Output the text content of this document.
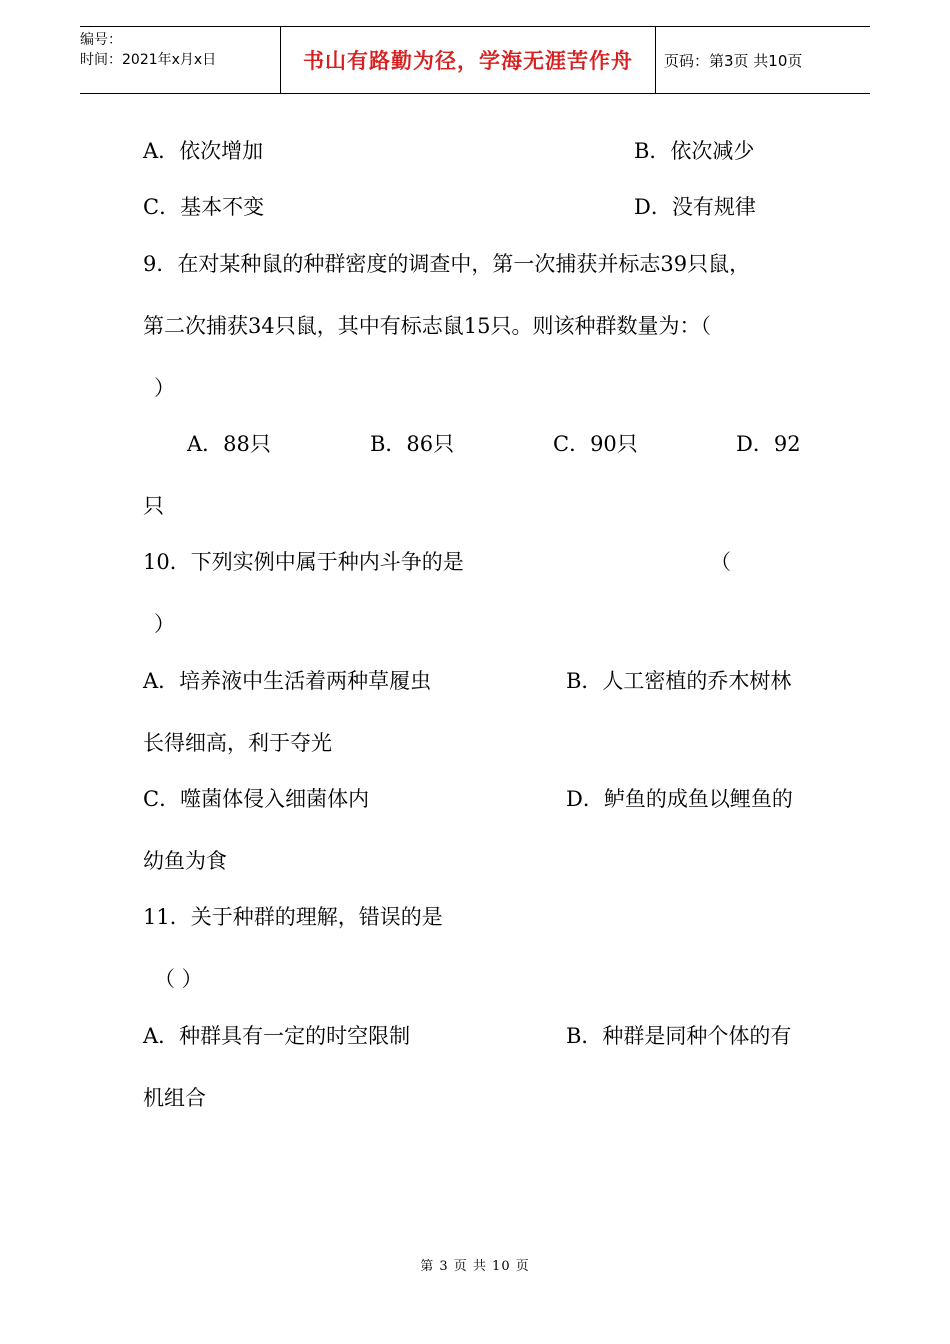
编号：
时间：2021年x月x日	书山有路勤为径，学海无涯苦作舟	页码：第3页 共10页
A．依次增加	B．依次减少
C．基本不变	D．没有规律
9．在对某种鼠的种群密度的调查中，第一次捕获并标志39只鼠，
第二次捕获34只鼠，其中有标志鼠15只。则该种群数量为：（
）
A．88只	B．86只	C．90只	D．92
只
10．下列实例中属于种内斗争的是	（
）
A．培养液中生活着两种草履虫	B．人工密植的乔木树林
长得细高，利于夺光
C．噬菌体侵入细菌体内	D．鲈鱼的成鱼以鲤鱼的
幼鱼为食
11．关于种群的理解，错误的是
（ ）
A．种群具有一定的时空限制	B．种群是同种个体的有
机组合
第 3 页 共 10 页
